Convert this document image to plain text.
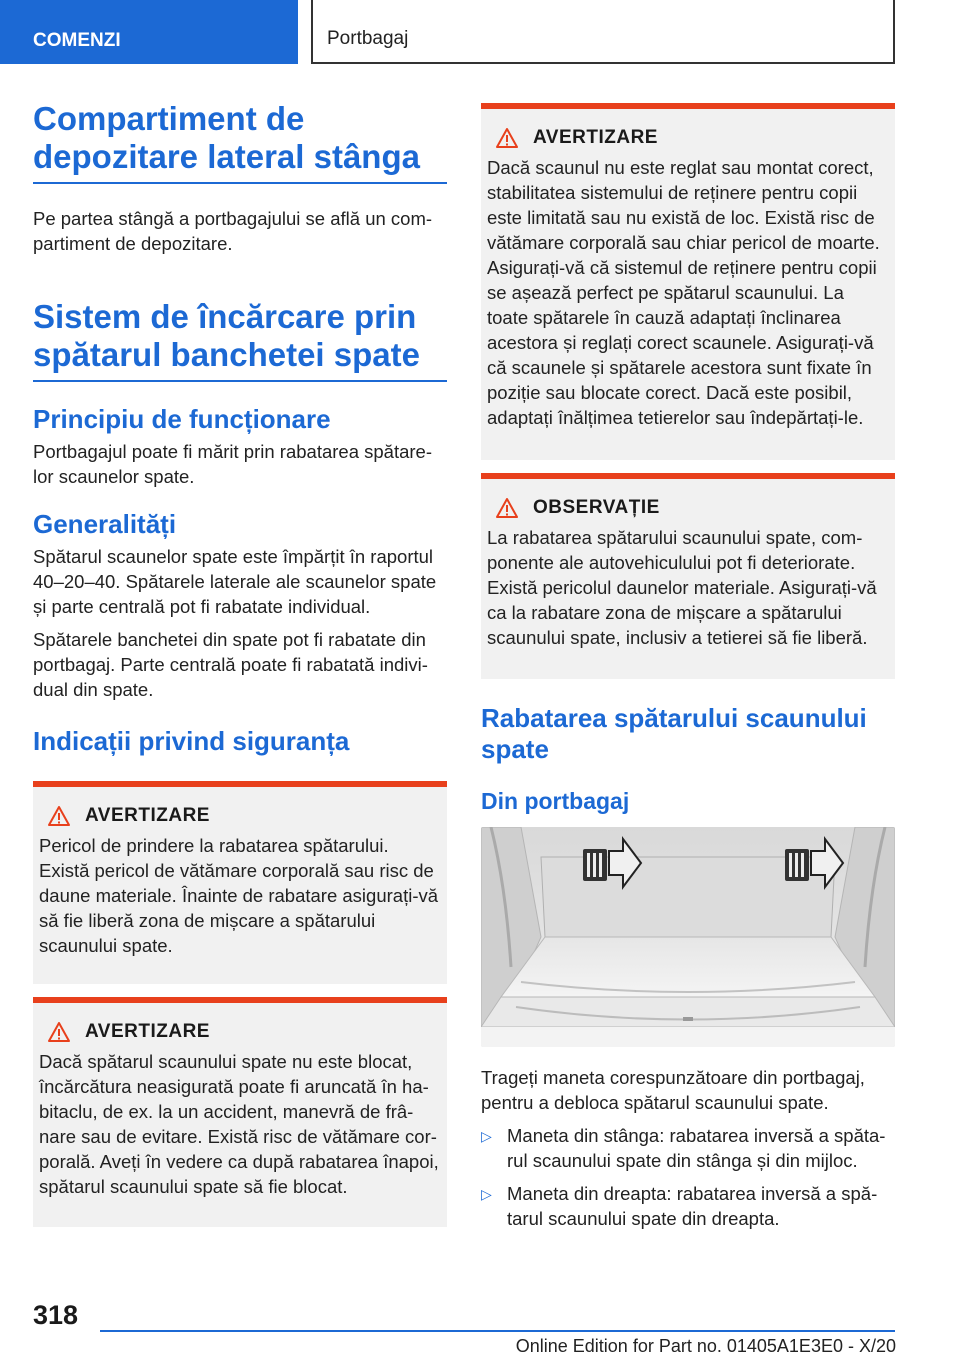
COMENZI	Portbagaj
Compartiment de depozitare lateral stânga

Pe partea stângă a portbagajului se află un com-partiment de depozitare.

Sistem de încărcare prin spătarul banchetei spate
Principiu de funcționare

Portbagajul poate fi mărit prin rabatarea spătare-lor scaunelor spate.

Generalități

Spătarul scaunelor spate este împărțit în raportul 40–20–40. Spătarele laterale ale scaunelor spate și parte centrală pot fi rabatate individual.

Spătarele banchetei din spate pot fi rabatate din portbagaj. Parte centrală poate fi rabatată indivi-dual din spate.

Indicații privind siguranța
AVERTIZARE

Pericol de prindere la rabatarea spătarului. Există pericol de vătămare corporală sau risc de daune materiale. Înainte de rabatare asigurați-vă să fie liberă zona de mișcare a spătarului scaunului spate.

AVERTIZARE

Dacă spătarul scaunului spate nu este blocat, încărcătura neasigurată poate fi aruncată în ha-bitaclu, de ex. la un accident, manevră de frâ-nare sau de evitare. Există risc de vătămare cor-porală. Aveți în vedere ca după rabatarea înapoi, spătarul scaunului spate să fie blocat.

AVERTIZARE

Dacă scaunul nu este reglat sau montat corect, stabilitatea sistemului de reținere pentru copii este limitată sau nu există de loc. Există risc de vătămare corporală sau chiar pericol de moarte. Asigurați-vă că sistemul de reținere pentru copii se așează perfect pe spătarul scaunului. La toate spătarele în cauză adaptați înclinarea acestora și reglați corect scaunele. Asigurați-vă că scaunele și spătarele acestora sunt fixate în poziție sau blocate corect. Dacă este posibil, adaptați înălțimea tetierelor sau îndepărtați-le.

OBSERVAȚIE

La rabatarea spătarului scaunului spate, com-ponente ale autovehiculului pot fi deteriorate. Există pericolul daunelor materiale. Asigurați-vă ca la rabatare zona de mișcare a spătarului scaunului spate, inclusiv a tetierei să fie liberă.

Rabatarea spătarului scaunului spate
Din portbagaj

Trageți maneta corespunzătoare din portbagaj, pentru a debloca spătarul scaunului spate.

▷ Maneta din stânga: rabatarea inversă a spăta-rul scaunului spate din stânga și din mijloc.
▷ Maneta din dreapta: rabatarea inversă a spă-tarul scaunului spate din dreapta.
318
Online Edition for Part no. 01405A1E3E0 - X/20
